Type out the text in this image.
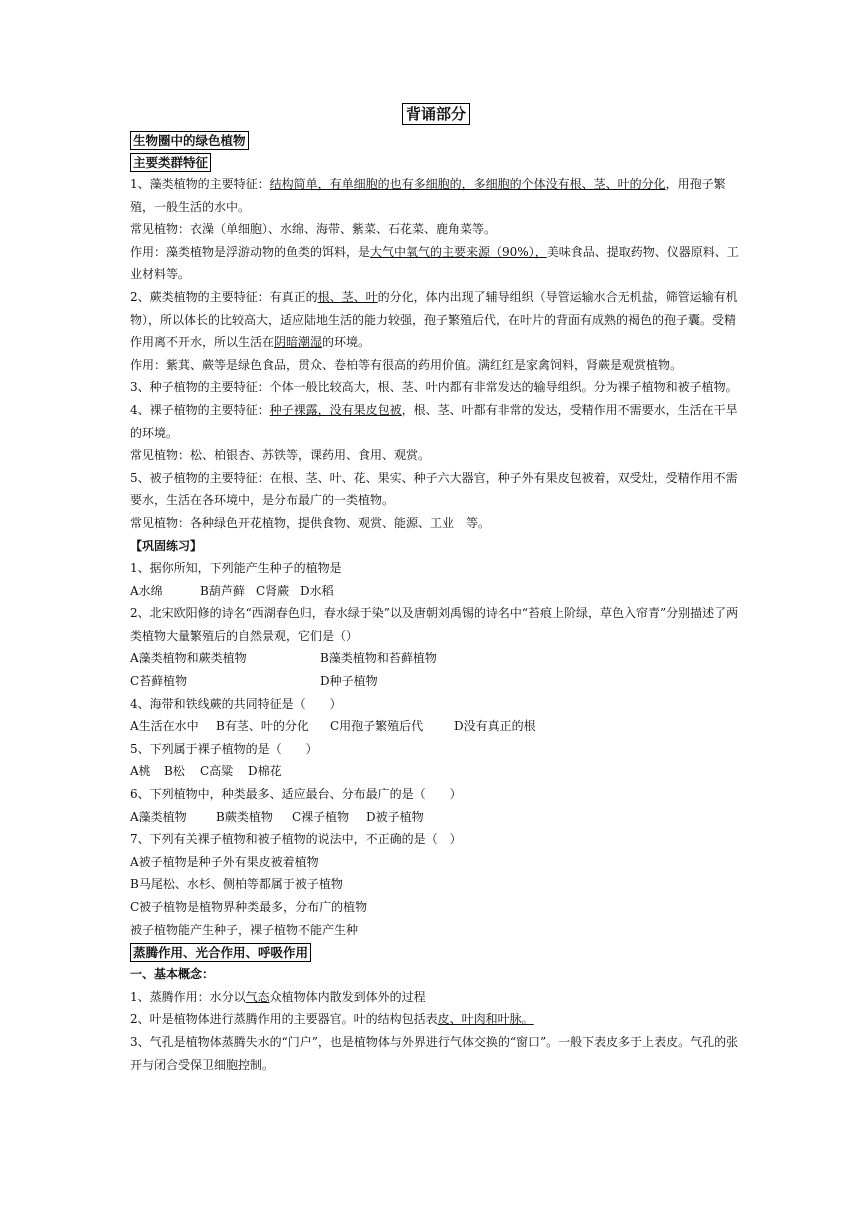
背诵部分
生物圈中的绿色植物
主要类群特征
1、藻类植物的主要特征：结构简单，有单细胞的也有多细胞的，多细胞的个体没有根、茎、叶的分化，用孢子繁殖，一般生活的水中。
常见植物：衣澡（单细胞）、水绵、海带、紫菜、石花菜、鹿角菜等。
作用：藻类植物是浮游动物的鱼类的饵料，是大气中氧气的主要来源（90%），美味食品、提取药物、仪器原料、工业材料等。
2、蕨类植物的主要特征：有真正的根、茎、叶的分化，体内出现了辅导组织（导管运输水合无机盐，筛管运输有机物），所以体长的比较高大，适应陆地生活的能力较强，孢子繁殖后代，在叶片的背面有成熟的褐色的孢子囊。受精作用离不开水，所以生活在阴暗潮湿的环境。
作用：紫萁、蕨等是绿色食品，贯众、卷柏等有很高的药用价值。满红红是家禽饲料，肾蕨是观赏植物。
3、种子植物的主要特征：个体一般比较高大，根、茎、叶内都有非常发达的输导组织。分为裸子植物和被子植物。
4、裸子植物的主要特征：种子裸露，没有果皮包被，根、茎、叶都有非常的发达，受精作用不需要水，生活在干旱的环境。
常见植物：松、柏银杏、苏铁等，课药用、食用、观赏。
5、被子植物的主要特征：在根、茎、叶、花、果实、种子六大器官，种子外有果皮包被着，双受灶，受精作用不需要水，生活在各环境中，是分布最广的一类植物。
常见植物：各种绿色开花植物，提供食物、观赏、能源、工业　等。
【巩固练习】
1、据你所知，下列能产生种子的植物是
A水绵	B葫芦藓 C肾蕨 D水稻
2、北宋欧阳修的诗名“西湖春色归，春水绿于染”以及唐朝刘禹锡的诗名中“苔痕上阶绿，草色入帘青”分别描述了两类植物大量繁殖后的自然景观，它们是（）
A藻类植物和蕨类植物	B藻类植物和苔藓植物
C苔藓植物	D种子植物
4、海带和铁线蕨的共同特征是（　　）
A生活在水中 B有茎、叶的分化 C用孢子繁殖后代	D没有真正的根
5、下列属于裸子植物的是（　　）
A桃 B松 C高粱 D棉花
6、下列植物中，种类最多、适应最台、分布最广的是（　　）
A藻类植物 B蕨类植物 C裸子植物 D被子植物
7、下列有关裸子植物和被子植物的说法中，不正确的是（　）
A被子植物是种子外有果皮被着植物
B马尾松、水杉、侧柏等都属于被子植物
C被子植物是植物界种类最多，分布广的植物
被子植物能产生种子，裸子植物不能产生种
蒸腾作用、光合作用、呼吸作用
一、基本概念：
1、蒸腾作用：水分以气态众植物体内散发到体外的过程
2、叶是植物体进行蒸腾作用的主要器官。叶的结构包括表皮、叶肉和叶脉。
3、气孔是植物体蒸腾失水的“门户”，也是植物体与外界进行气体交换的“窗口”。一般下表皮多于上表皮。气孔的张开与闭合受保卫细胞控制。
